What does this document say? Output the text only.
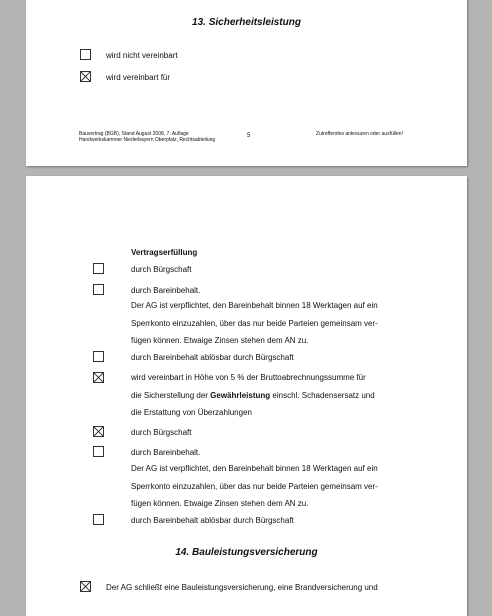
13. Sicherheitsleistung
wird nicht vereinbart
wird vereinbart für
Bauvertrag (BGB), Stand August 2008, 7. Auflage
Handwerkskammer Niederbayern Oberpfalz, Rechtsabteilung
5	Zutreffendes ankreuzen oder ausfüllen!
Vertragserfüllung
durch Bürgschaft
durch Bareinbehalt.
Der AG ist verpflichtet, den Bareinbehalt binnen 18 Werktagen auf ein
Sperrkonto einzuzahlen, über das nur beide Parteien gemeinsam ver-
fügen können. Etwaige Zinsen stehen dem AN zu.
durch Bareinbehalt ablösbar durch Bürgschaft
wird vereinbart in Höhe von 5 % der Bruttoabrechnungssumme für
die Sicherstellung der Gewährleistung einschl. Schadensersatz und
die Erstattung von Überzahlungen
durch Bürgschaft
durch Bareinbehalt.
Der AG ist verpflichtet, den Bareinbehalt binnen 18 Werktagen auf ein
Sperrkonto einzuzahlen, über das nur beide Parteien gemeinsam ver-
fügen können. Etwaige Zinsen stehen dem AN zu.
durch Bareinbehalt ablösbar durch Bürgschaft
14. Bauleistungsversicherung
Der AG schließt eine Bauleistungsversicherung, eine Brandversicherung und
